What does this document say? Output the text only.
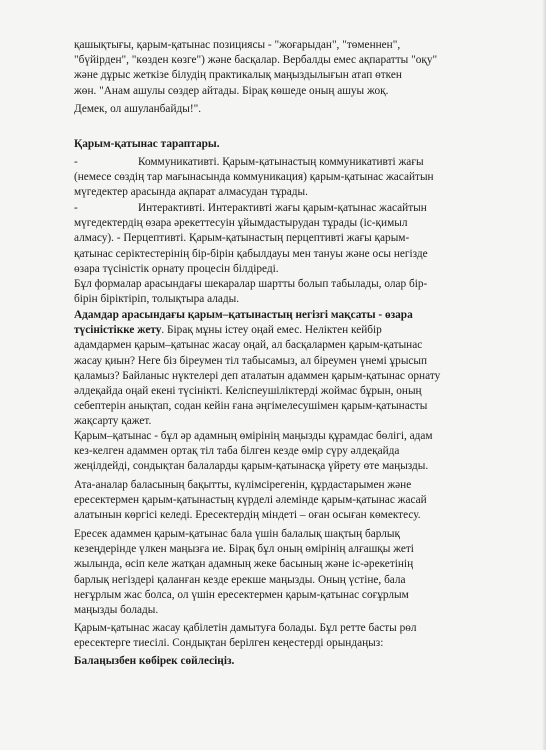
қашықтығы, қарым-қатынас позициясы - "жоғарыдан", "төменнен",
"бүйірден", "көзден көзге") және басқалар. Вербалды емес ақпаратты "оқу"
және дұрыс жеткізе білудің практикалық маңыздылығын атап өткен
жөн. "Анам ашулы сөздер айтады. Бірақ көшеде оның ашуы жоқ.
Демек, ол ашуланбайды!".
Қарым-қатынас тараптары.
-	Коммуникативті. Қарым-қатынастың коммуникативті жағы
(немесе сөздің тар мағынасында коммуникация) қарым-қатынас жасайтын
мүгедектер арасында ақпарат алмасудан тұрады.
-	Интерактивті. Интерактивті жағы қарым-қатынас жасайтын
мүгедектердің өзара әрекеттесуін ұйымдастырудан тұрады (іс-қимыл
алмасу). - Перцептивті. Қарым-қатынастың перцептивті жағы қарым-
қатынас серіктестерінің бір-бірін қабылдауы мен тануы және осы негізде
өзара түсіністік орнату процесін білдіреді.
Бұл формалар арасындағы шекаралар шартты болып табылады, олар бір-
бірін біріктіріп, толықтыра алады.
Адамдар арасындағы қарым–қатынастың негізгі мақсаты - өзара
түсіністікке жету. Бірақ мұны істеу оңай емес. Неліктен кейбір
адамдармен қарым–қатынас жасау оңай, ал басқалармен қарым-қатынас
жасау қиын? Неге біз біреумен тіл табысамыз, ал біреумен үнемі ұрысып
қаламыз? Байланыс нүктелері деп аталатын адаммен қарым-қатынас орнату
әлдеқайда оңай екені түсінікті. Келіспеушіліктерді жоймас бұрын, оның
себептерін анықтап, содан кейін ғана әңгімелесушімен қарым-қатынасты
жақсарту қажет.
Қарым–қатынас - бұл әр адамның өмірінің маңызды құрамдас бөлігі, адам
кез-келген адаммен ортақ тіл таба білген кезде өмір сүру әлдеқайда
жеңілдейді, сондықтан балаларды қарым-қатынасқа үйрету өте маңызды.
Ата-аналар баласының бақытты, күлімсірегенін, құрдастарымен және
ересектермен қарым-қатынастың күрделі әлемінде қарым-қатынас жасай
алатынын көргісі келеді. Ересектердің міндеті – оған осыған көмектесу.
Ересек адаммен қарым-қатынас бала үшін балалық шақтың барлық
кезеңдерінде үлкен маңызға ие. Бірақ бұл оның өмірінің алғашқы жеті
жылында, өсіп келе жатқан адамның жеке басының және іс-әрекетінің
барлық негіздері қаланған кезде ерекше маңызды. Оның үстіне, бала
неғұрлым жас болса, ол үшін ересектермен қарым-қатынас соғұрлым
маңызды болады.
Қарым-қатынас жасау қабілетін дамытуға болады. Бұл ретте басты рөл
ересектерге тиесілі. Сондықтан берілген кеңестерді орындаңыз:
Балаңызбен көбірек сөйлесіңіз.
